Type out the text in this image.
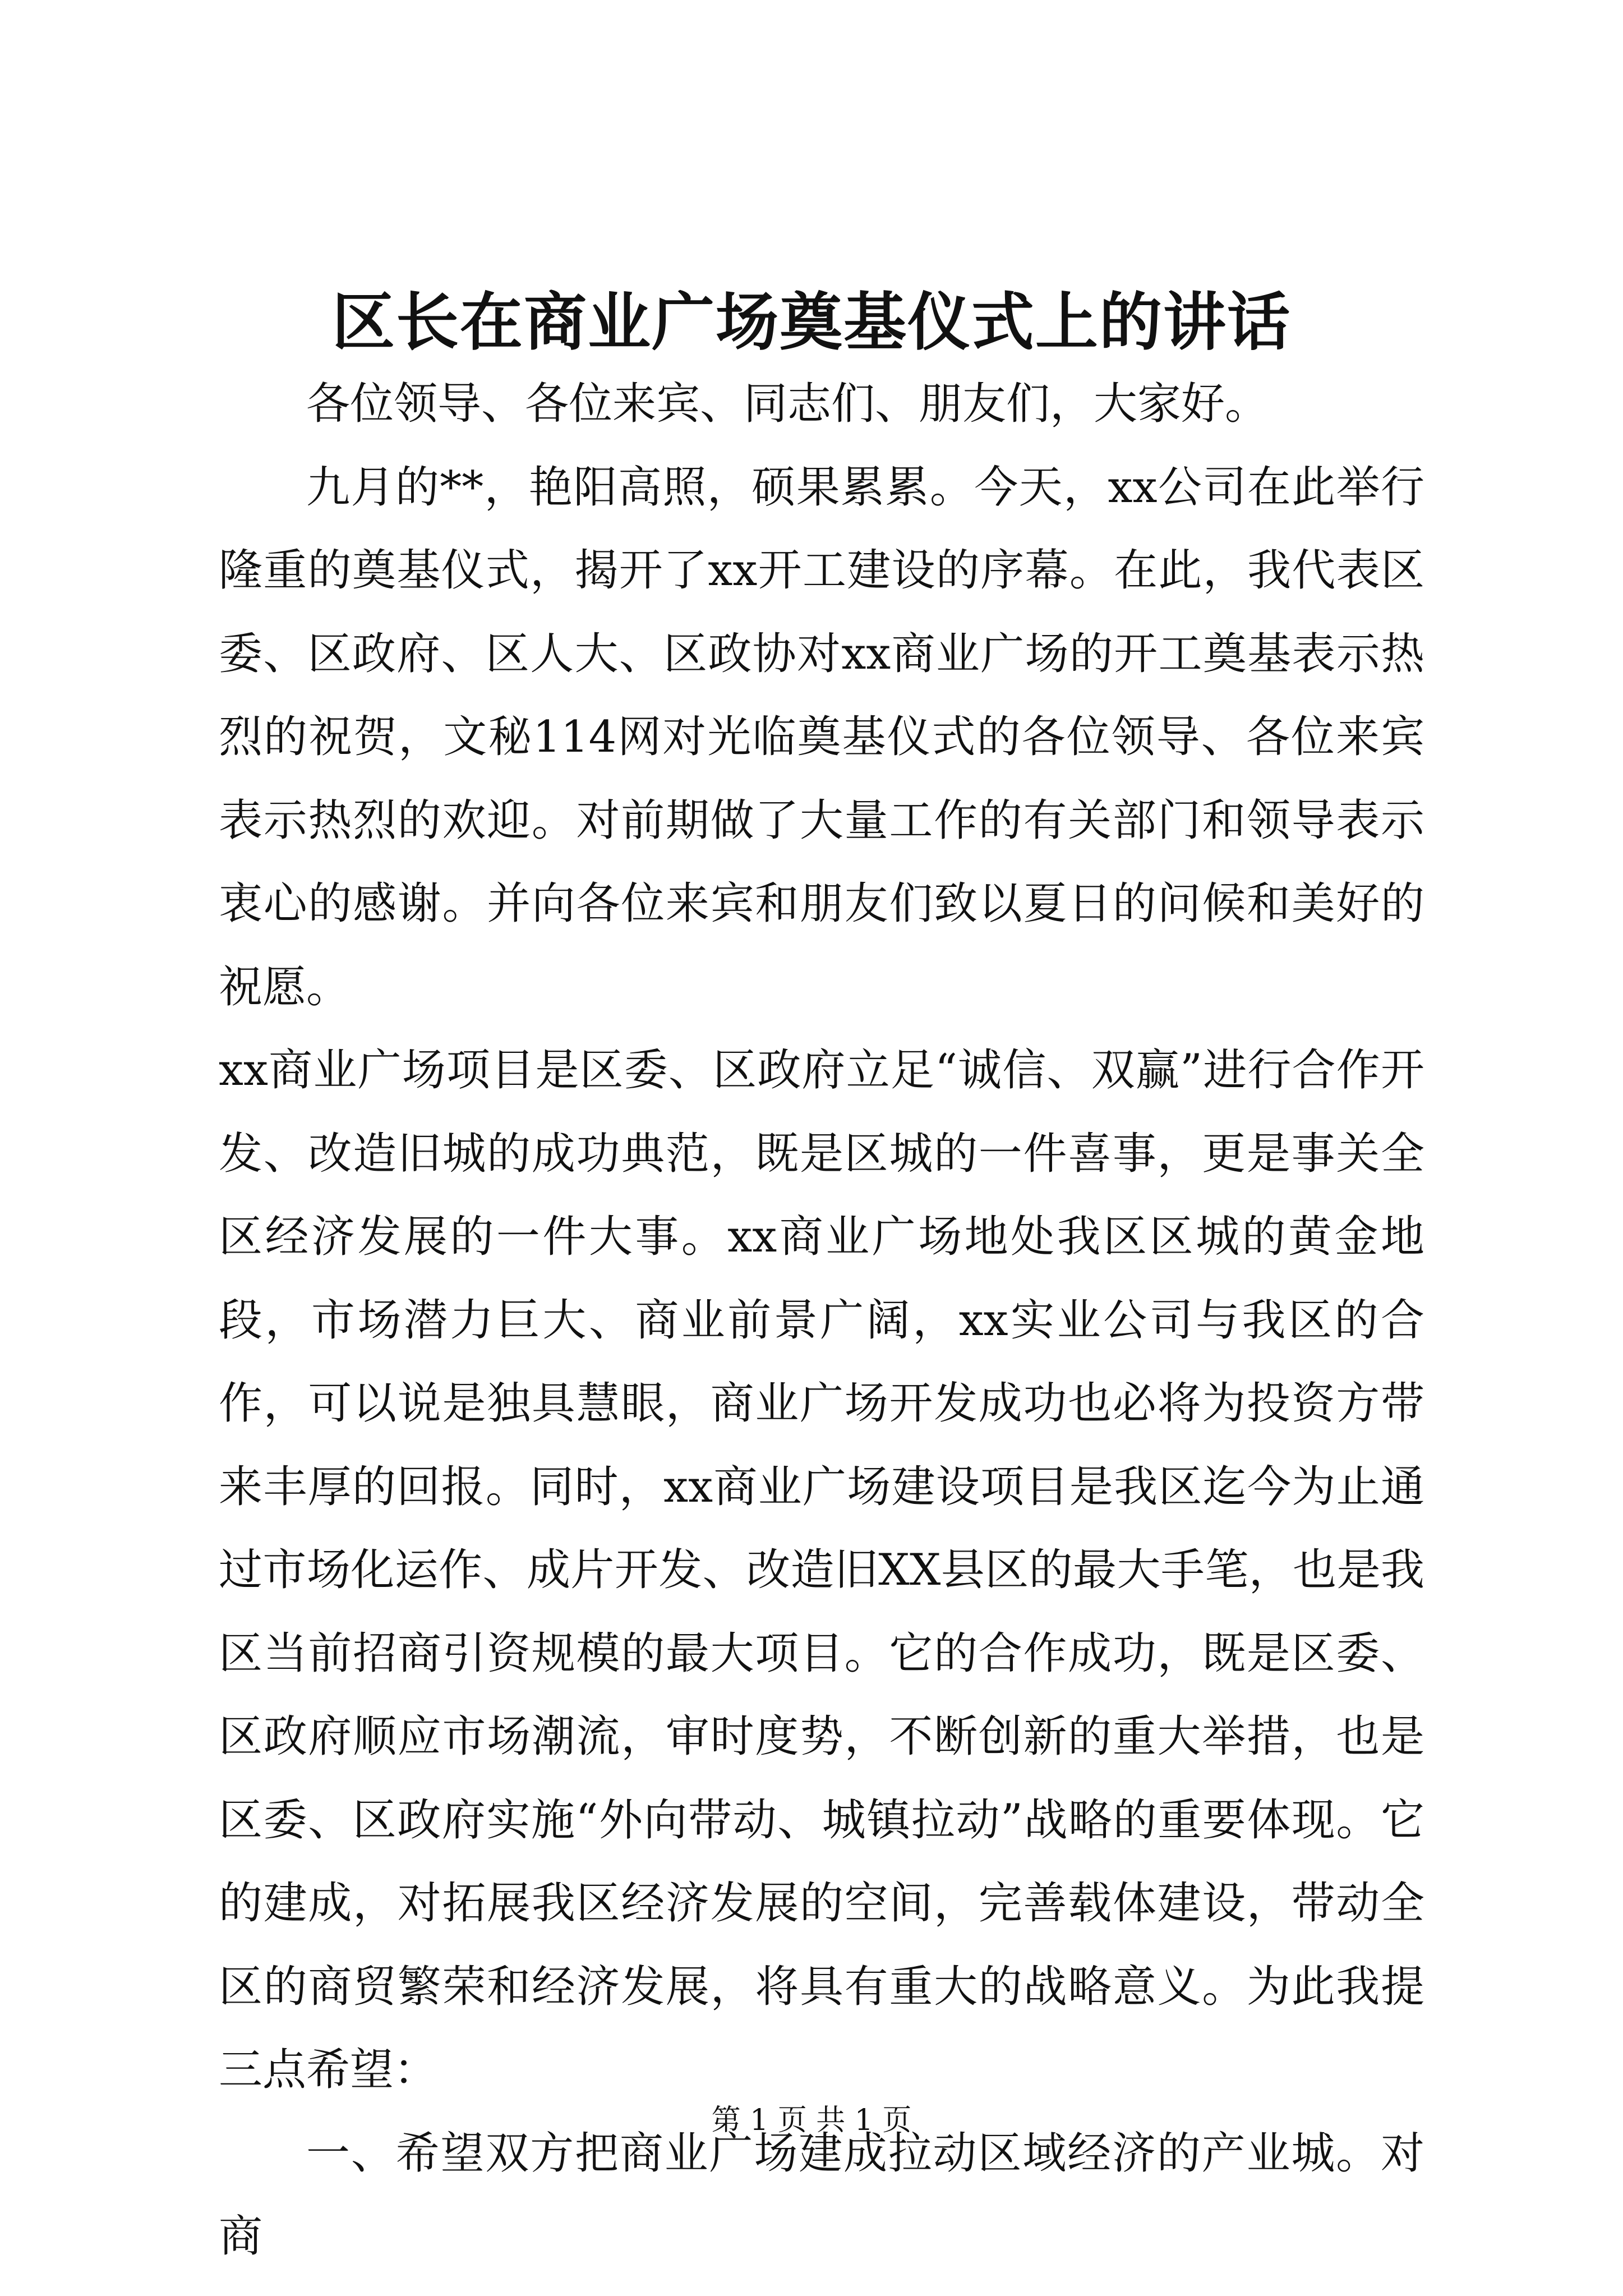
区长在商业广场奠基仪式上的讲话

各位领导、各位来宾、同志们、朋友们，大家好。

九月的**，艳阳高照，硕果累累。今天，xx公司在此举行隆重的奠基仪式，揭开了xx开工建设的序幕。在此，我代表区委、区政府、区人大、区政协对xx商业广场的开工奠基表示热烈的祝贺，文秘114网对光临奠基仪式的各位领导、各位来宾表示热烈的欢迎。对前期做了大量工作的有关部门和领导表示衷心的感谢。并向各位来宾和朋友们致以夏日的问候和美好的祝愿。

xx商业广场项目是区委、区政府立足“诚信、双赢”进行合作开发、改造旧城的成功典范，既是区城的一件喜事，更是事关全区经济发展的一件大事。xx商业广场地处我区区城的黄金地段，市场潜力巨大、商业前景广阔，xx实业公司与我区的合作，可以说是独具慧眼，商业广场开发成功也必将为投资方带来丰厚的回报。同时，xx商业广场建设项目是我区迄今为止通过市场化运作、成片开发、改造旧XX县区的最大手笔，也是我区当前招商引资规模的最大项目。它的合作成功，既是区委、区政府顺应市场潮流，审时度势，不断创新的重大举措，也是区委、区政府实施“外向带动、城镇拉动”战略的重要体现。它的建成，对拓展我区经济发展的空间，完善载体建设，带动全区的商贸繁荣和经济发展，将具有重大的战略意义。为此我提三点希望：

一、希望双方把商业广场建成拉动区域经济的产业城。对商

第 1 页 共 1 页
